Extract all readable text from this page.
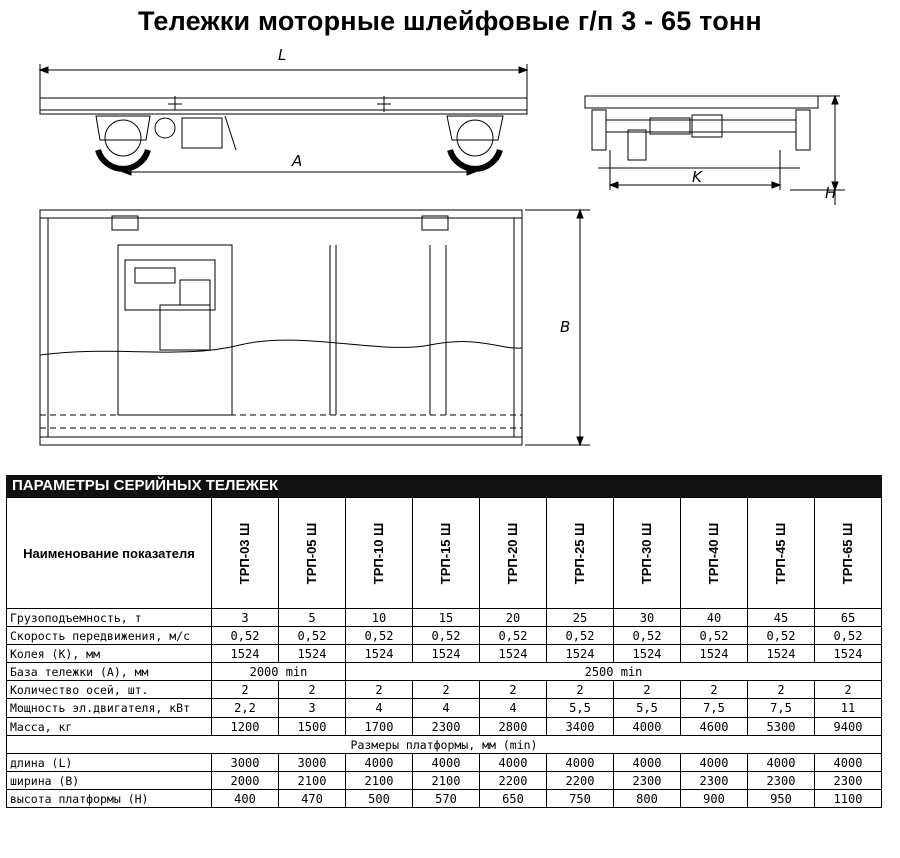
Тележки моторные шлейфовые г/п 3 - 65 тонн
L
A
K
H
B
ПАРАМЕТРЫ СЕРИЙНЫХ ТЕЛЕЖЕК
Наименование показателя	ТРП-03 Ш	ТРП-05 Ш	ТРП-10 Ш	ТРП-15 Ш	ТРП-20 Ш	ТРП-25 Ш	ТРП-30 Ш	ТРП-40 Ш	ТРП-45 Ш	ТРП-65 Ш
Грузоподъемность, т	3	5	10	15	20	25	30	40	45	65
Скорость передвижения, м/с	0,52	0,52	0,52	0,52	0,52	0,52	0,52	0,52	0,52	0,52
Колея (К), мм	1524	1524	1524	1524	1524	1524	1524	1524	1524	1524
База тележки (А), мм	2000 min		2500 min							
Количество осей, шт.	2	2	2	2	2	2	2	2	2	2
Мощность эл.двигателя, кВт	2,2	3	4	4	4	5,5	5,5	7,5	7,5	11
Масса, кг	1200	1500	1700	2300	2800	3400	4000	4600	5300	9400
Размеры платформы, мм (min)										
длина (L)	3000	3000	4000	4000	4000	4000	4000	4000	4000	4000
ширина (B)	2000	2100	2100	2100	2200	2200	2300	2300	2300	2300
высота платформы (H)	400	470	500	570	650	750	800	900	950	1100
